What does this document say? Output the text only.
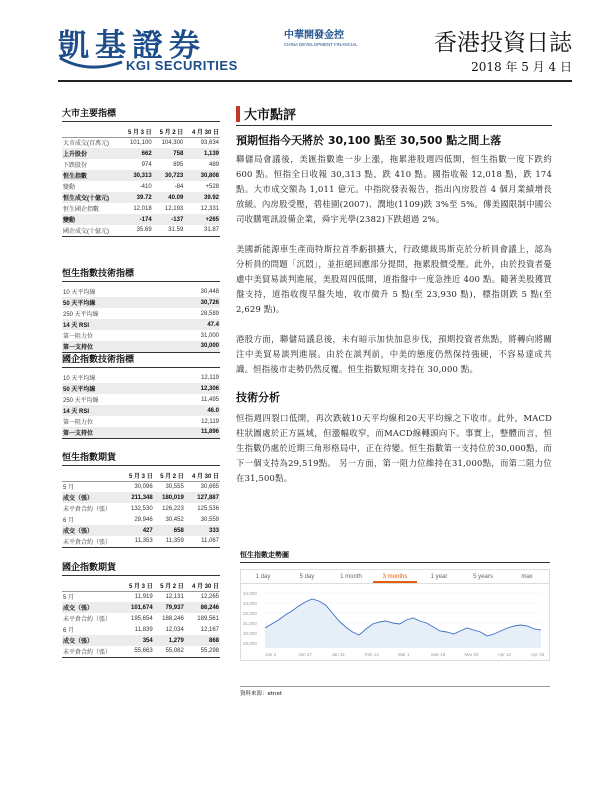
凱基證券
KGI SECURITIES
中華開發金控
CHINA DEVELOPMENT FINANCIAL	香港投資日誌
2018 年 5 月 4 日
大市主要指標
	5 月 3 日	5 月 2 日	4 月 30 日
大市成交(百萬元)	101,100	104,300	93,634
上升股份	662	758	1,139
下跌股份	974	895	489
恒生指數	30,313	30,723	30,808
變動	-410	-84	+528
恒生成交(十億元)	39.72	40.09	39.92
恒生國企指數	12,018	12,193	12,331
變動	-174	-137	+265
國企成交(十億元)	35.69	31.59	31.87
恒生指數技術指標
10 天平均線	30,448
50 天平均線	30,726
250 天平均線	28,589
14 天 RSI	47.4
第一阻力位	31,000
第一支持位	30,000
國企指數技術指標
10 天平均線	12,119
50 天平均線	12,306
250 天平均線	11,495
14 天 RSI	46.0
第一阻力位	12,119
第一支持位	11,896
恒生指數期貨
	5 月 3 日	5 月 2 日	4 月 30 日
5 月	30,096	30,555	30,665
成交（張）	211,348	180,019	127,887
未平倉合約（張）	132,530	126,223	125,536
6 月	29,946	30,452	30,559
成交（張）	427	658	333
未平倉合約（張）	11,353	11,359	11,067
國企指數期貨
	5 月 3 日	5 月 2 日	4 月 30 日
5 月	11,919	12,131	12,265
成交（張）	101,674	79,937	86,246
未平倉合約（張）	195,654	188,246	189,561
6 月	11,839	12,034	12,167
成交（張）	354	1,279	868
未平倉合約（張）	55,663	55,082	55,298
大市點評
預期恒指今天將於 30,100 點至 30,500 點之間上落
聯儲局會議後，美匯指數進一步上漲，拖累港股週四低開，恒生指數一度下跌約 600 點。恒指全日收報 30,313 點，跌 410 點。國指收報 12,018 點，跌 174 點。大市成交額為 1,011 億元。中指院發表報告，指出內房股首 4 個月業績增長放緩。內房股受壓，碧桂園(2007)、潤地(1109)跌 3%至 5%。傳美國限制中國公司收購電訊設備企業，舜宇光學(2382)下跌超過 2%。
美國新能源車生產商特斯拉首季虧損擴大，行政總裁馬斯克於分析員會議上，認為分析員的問題「沉悶」，並拒絕回應部分提問，拖累股價受壓。此外，由於投資者憂慮中美貿易談判進展，美股周四低開，道指盤中一度急挫近 400 點。隨著美股獲買盤支持，道指收復早盤失地，收市微升 5 點(至 23,930 點)，標指則跌 5 點(至 2,629 點)。
港股方面，聯儲局議息後，未有暗示加快加息步伐，預期投資者焦點，將轉向將關注中美貿易談判進展。由於在談判前，中美的態度仍然保持強硬，不容易達成共識。恒指後市走勢仍然反覆。恒生指數短期支持在 30,000 點。
技術分析
恒指週四裂口低開，再次跌破10天平均線和20天平均線之下收市。此外，MACD柱狀圖處於正方區域，但漲幅收窄，而MACD線轉頭向下。事實上，整體而言，恒生指數仍處於近期三角形格局中，正在待變。恒生指數第一支持位於30,000點，而下一個支持為29,519點。 另一方面，第一阻力位維持在31,000點，而第二阻力位在31,500點。
恒生指數走勢圖
1 day	5 day	1 month	3 months	1 year	5 years	max
34,000
33,000
32,000
31,000
30,000
29,000
Jan 3	Jan 17	Jan 31	Feb 14	Mar 1	Mar 15	Mar 29	Apr 12	Apr 26
資料來源：etnet
